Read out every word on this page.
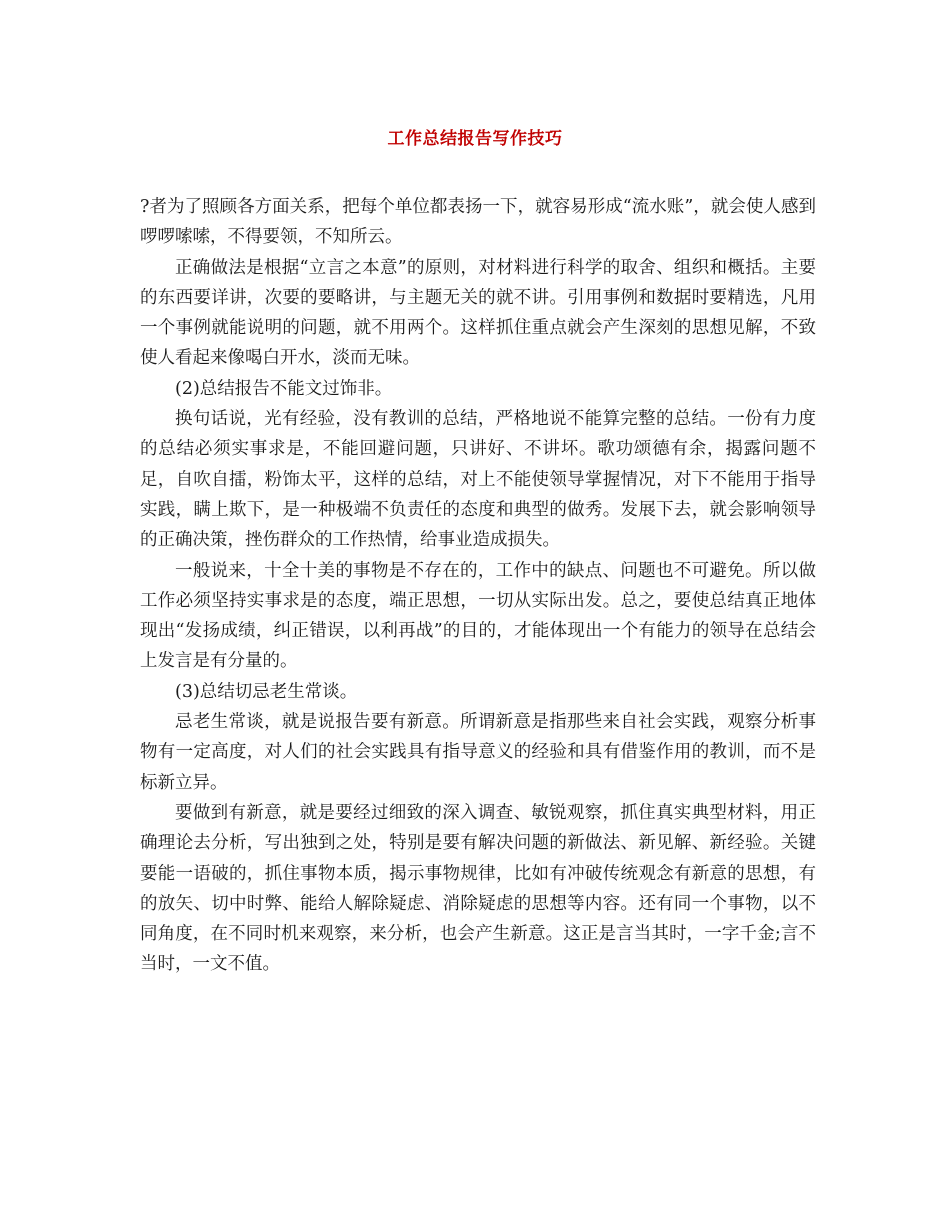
工作总结报告写作技巧

?者为了照顾各方面关系，把每个单位都表扬一下，就容易形成“流水账”，就会使人感到啰啰嗦嗦，不得要领，不知所云。

正确做法是根据“立言之本意”的原则，对材料进行科学的取舍、组织和概括。主要的东西要详讲，次要的要略讲，与主题无关的就不讲。引用事例和数据时要精选，凡用一个事例就能说明的问题，就不用两个。这样抓住重点就会产生深刻的思想见解，不致使人看起来像喝白开水，淡而无味。

(2)总结报告不能文过饰非。

换句话说，光有经验，没有教训的总结，严格地说不能算完整的总结。一份有力度的总结必须实事求是，不能回避问题，只讲好、不讲坏。歌功颂德有余，揭露问题不足，自吹自擂，粉饰太平，这样的总结，对上不能使领导掌握情况，对下不能用于指导实践，瞒上欺下，是一种极端不负责任的态度和典型的做秀。发展下去，就会影响领导的正确决策，挫伤群众的工作热情，给事业造成损失。

一般说来，十全十美的事物是不存在的，工作中的缺点、问题也不可避免。所以做工作必须坚持实事求是的态度，端正思想，一切从实际出发。总之，要使总结真正地体现出“发扬成绩，纠正错误，以利再战”的目的，才能体现出一个有能力的领导在总结会上发言是有分量的。

(3)总结切忌老生常谈。

忌老生常谈，就是说报告要有新意。所谓新意是指那些来自社会实践，观察分析事物有一定高度，对人们的社会实践具有指导意义的经验和具有借鉴作用的教训，而不是标新立异。

要做到有新意，就是要经过细致的深入调查、敏锐观察，抓住真实典型材料，用正确理论去分析，写出独到之处，特别是要有解决问题的新做法、新见解、新经验。关键要能一语破的，抓住事物本质，揭示事物规律，比如有冲破传统观念有新意的思想，有的放矢、切中时弊、能给人解除疑虑、消除疑虑的思想等内容。还有同一个事物，以不同角度，在不同时机来观察，来分析，也会产生新意。这正是言当其时，一字千金;言不当时，一文不值。
